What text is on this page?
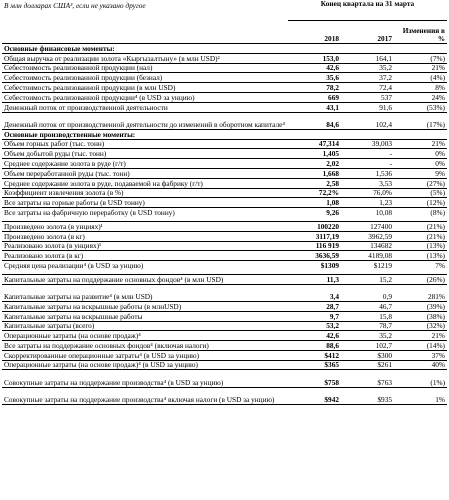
В млн долларах США³, если не указано другое	Конец квартала на 31 марта		
	2018	2017	Изменения в %
Основные финансовые моменты:			
Общая выручка от реализации золота «Кыргызалтыну» (в млн USD)²	153,0	164,1	(7%)
Себестоимость реализованной продукции (нал)	42,6	35,2	21%
Себестоимость реализованной продукции (безнал)	35,6	37,2	(4%)
Себестоимость реализованной продукции (в млн USD)	78,2	72,4	8%
Себестоимость реализованной продукции⁴ (в USD за унцию)	669	537	24%
Денежный поток от производственной деятельности	43,1	91,6	(53%)
Денежный поток от производственной деятельности до изменений в оборотном капитале⁴	84,6	102,4	(17%)
Основные производственные моменты:			
Объем горных работ (тыс. тонн)	47,314	39,003	21%
Объем добытой руды (тыс. тонн)	1,405	-	0%
Среднее содержание золота в руде (г/т)	2,02	-	0%
Объем переработанной руды (тыс. тонн)	1,668	1,536	9%
Среднее содержание золота в руде, подаваемой на фабрику (г/т)	2,58	3,53	(27%)
Коэффициент извлечения золота (в %)	72,2%	76,0%	(5%)
Все затраты на горные работы (в USD тонну)	1,08	1,23	(12%)
Все затраты на фабричную переработку (в USD тонну)	9,26	10,08	(8%)

Произведено золота (в унциях)¹	100220	127400	(21%)
Произведено золота (в кг)	3117,19	3962,59	(21%)
Реализовано золота (в унциях)¹	116 919	134682	(13%)
Реализовано золота (в кг)	3636,59	4189,08	(13%)
Средняя цена реализации⁴ (в USD за унцию)	$1309	$1219	7%

Капитальные затраты на поддержание основных фондов⁴ (в млн USD)	11,3	15,2	(26%)
Капитальные затраты на развитие⁴ (в млн USD)	3,4	0,9	281%
Капитальные затраты на вскрышные работы (в млнUSD)	28,7	46,7	(39%)
Капитальные затраты на вскрышные работы	9,7	15,8	(38%)
Капитальные затраты (всего)	53,2	78,7	(32%)
Операционные затраты (на основе продаж)⁴	42,6	35,2	21%
Все затраты на поддержание основных фондов⁴ (включая налоги)	88,6	102,7	(14%)
Скорректированные операционные затраты⁴ (в USD за унцию)	$412	$300	37%
Операционные затраты (на основе продаж)⁴ (в USD за унцию)	$365	$261	40%
Совокупные затраты на поддержание производства⁴ (в USD за унцию)	$758	$763	(1%)
Совокупные затраты на поддержание производства⁴ включая налоги (в USD за унцию)	$942	$935	1%
